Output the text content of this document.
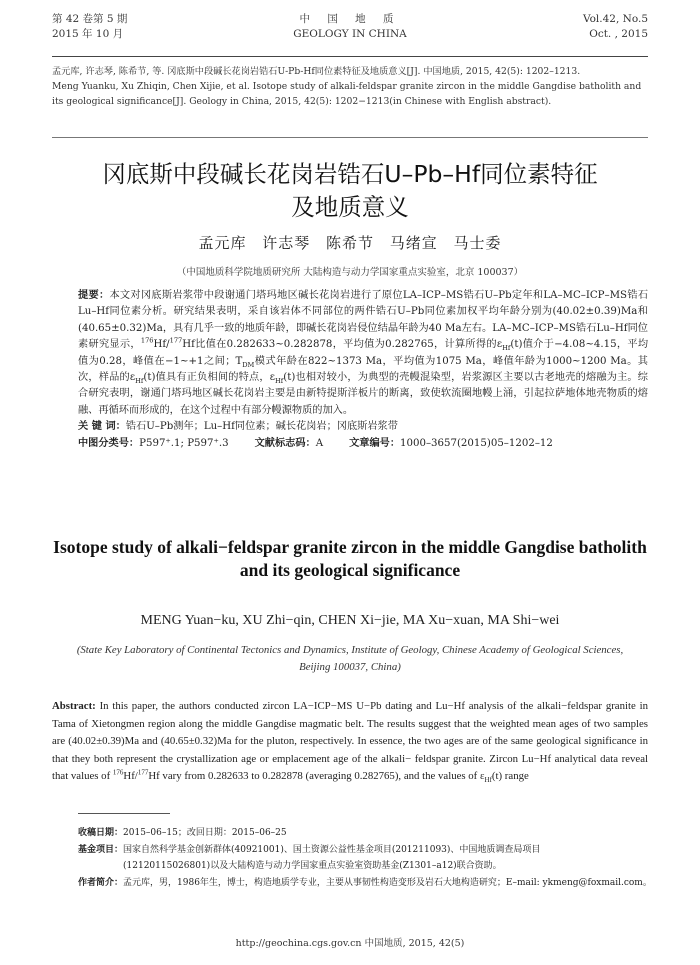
第 42 卷第 5 期
2015 年 10 月
中 国 地 质
GEOLOGY IN CHINA
Vol.42, No.5
Oct. , 2015

孟元库, 许志琴, 陈希节, 等. 冈底斯中段碱长花岗岩锆石U-Pb-Hf同位素特征及地质意义[J]. 中国地质, 2015, 42(5): 1202–1213.

Meng Yuanku, Xu Zhiqin, Chen Xijie, et al. Isotope study of alkali-feldspar granite zircon in the middle Gangdise batholith and its geological significance[J]. Geology in China, 2015, 42(5): 1202−1213(in Chinese with English abstract).

冈底斯中段碱长花岗岩锆石U–Pb–Hf同位素特征
及地质意义
孟元库 许志琴 陈希节 马绪宣 马士委
（中国地质科学院地质研究所 大陆构造与动力学国家重点实验室，北京 100037）

提要：本文对冈底斯岩浆带中段谢通门塔玛地区碱长花岗岩进行了原位LA–ICP–MS锆石U–Pb定年和LA–MC–ICP–MS锆石Lu–Hf同位素分析。研究结果表明，采自该岩体不同部位的两件锆石U–Pb同位素加权平均年龄分别为(40.02±0.39)Ma和(40.65±0.32)Ma，具有几乎一致的地质年龄，即碱长花岗岩侵位结晶年龄为40 Ma左右。LA–MC–ICP–MS锆石Lu–Hf同位素研究显示，$^{176}$Hf/$^{177}$Hf比值在0.282633~0.282878，平均值为0.282765，计算所得的$\varepsilon_{Hf}(t)$值介于−4.08~4.15，平均值为0.28，峰值在−1~+1之间；$T_{DM}$模式年龄在822~1373 Ma，平均值为1075 Ma，峰值年龄为1000~1200 Ma。其次，样品的$\varepsilon_{Hf}(t)$值具有正负相间的特点，$\varepsilon_{Hf}(t)$也相对较小，为典型的壳幔混染型，岩浆源区主要以古老地壳的熔融为主。综合研究表明，谢通门塔玛地区碱长花岗岩主要是由新特提斯洋板片的断离，致使软流圈地幔上涌，引起拉萨地体地壳物质的熔融、再循环而形成的，在这个过程中有部分幔源物质的加入。

关 键 词：锆石U–Pb测年；Lu–Hf同位素；碱长花岗岩；冈底斯岩浆带

中图分类号：P597⁺.1; P597⁺.3	文献标志码：A	文章编号：1000–3657(2015)05–1202–12

Isotope study of alkali−feldspar granite zircon in the middle Gangdise batholith
and its geological significance
MENG Yuan−ku, XU Zhi−qin, CHEN Xi−jie, MA Xu−xuan, MA Shi−wei
(State Key Laboratory of Continental Tectonics and Dynamics, Institute of Geology, Chinese Academy of Geological Sciences,
Beijing 100037, China)

Abstract: In this paper, the authors conducted zircon LA−ICP−MS U−Pb dating and Lu−Hf analysis of the alkali−feldspar granite in Tama of Xietongmen region along the middle Gangdise magmatic belt. The results suggest that the weighted mean ages of two samples are (40.02±0.39)Ma and (40.65±0.32)Ma for the pluton, respectively. In essence, the two ages are of the same geological significance in that they both represent the crystallization age or emplacement age of the alkali− feldspar granite. Zircon Lu−Hf analytical data reveal that values of $^{176}$Hf/$^{177}$Hf vary from 0.282633 to 0.282878 (averaging 0.282765), and the values of $\varepsilon_{Hf}(t)$ range

收稿日期：2015–06–15；改回日期：2015–06–25

基金项目：国家自然科学基金创新群体(40921001)、国土资源公益性基金项目(201211093)、中国地质调查局项目
(12120115026801)以及大陆构造与动力学国家重点实验室资助基金(Z1301–a12)联合资助。

作者简介：孟元库，男，1986年生，博士，构造地质学专业，主要从事韧性构造变形及岩石大地构造研究；E–mail: ykmeng@foxmail.com。

http://geochina.cgs.gov.cn 中国地质, 2015, 42(5)
